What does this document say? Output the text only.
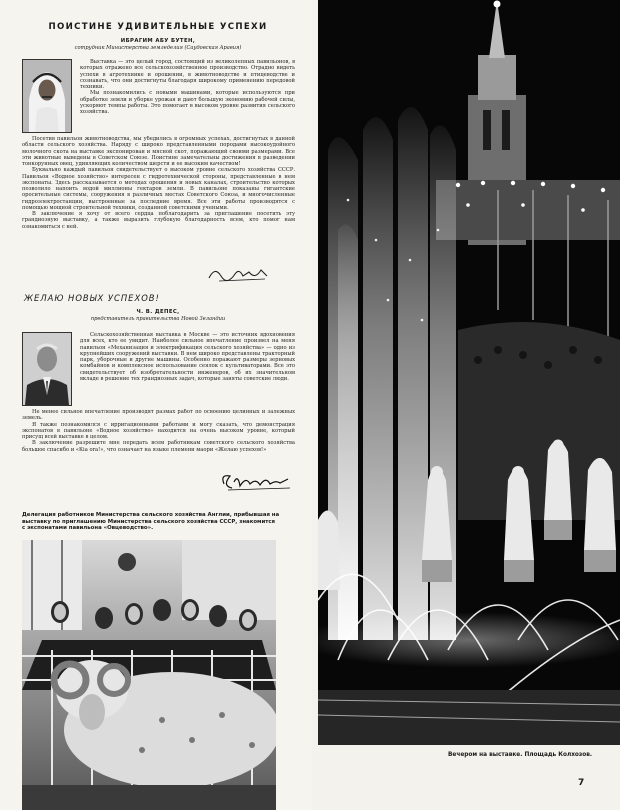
ПОИСТИНЕ УДИВИТЕЛЬНЫЕ УСПЕХИ
ИБРАГИМ АБУ БУТЕН,
сотрудник Министерства земледелия (Саудовская Аравия)

Выставка — это целый город, состоящий из великолепных павильонов, в которых отражено все сельскохозяйственное производство. Отрадно видеть успехи в агротехнике и орошении, в животноводстве и птицеводстве и сознавать, что они достигнуты благодаря широкому применению передовой техники.

Мы познакомились с новыми машинами, которые используются при обработке земли и уборке урожая и дают большую экономию рабочей силы, ускоряют темпы работы. Это помогает в высоком уровне развития сельского хозяйства.

Посетив павильон животноводства, мы убедились в огромных успехах, достигнутых в данной области сельского хозяйства. Наряду с широко представленными породами высокоудойного молочного скота на выставке экспонирован и мясной скот, поражающий своими размерами. Все эти животные выведены в Советском Союзе. Поистине замечательны достижения в разведении тонкорунных овец, удивляющих количеством шерсти и ее высоким качеством!

Буквально каждый павильон свидетельствует о высоком уровне сельского хозяйства СССР. Павильон «Водное хозяйство» интересен с гидротехнической стороны, представленные в нем экспонаты. Здесь рассказывается о методах орошения и новых каналах, строительство которых позволило напоить водой миллионы гектаров земли. В павильоне показаны гигантские оросительные системы, сооружения в различных местах Советского Союза, и многочисленные гидроэлектростанции, выстроенные за последние время. Все эти работы производятся с помощью мощной строительной техники, созданной советскими учеными.

В заключение я хочу от всего сердца поблагодарить за приглашение посетить эту грандиозную выставку, а также выразить глубокую благодарность всем, кто помог нам ознакомиться с ней.

ЖЕЛАЮ НОВЫХ УСПЕХОВ!
Ч. В. ДЕПЕС,
представитель правительства Новой Зеландии

Сельскохозяйственная выставка в Москве — это источник вдохновения для всех, кто ее увидит. Наиболее сильное впечатление произвел на меня павильон «Механизация и электрификация сельского хозяйства» — одно из крупнейших сооружений выставки. В нем широко представлены тракторный парк, уборочные и другие машины. Особенно поражают размеры зерновых комбайнов и комплексное использование сеялок с культиваторами. Все это свидетельствует об изобретательности инженеров, об их значительном вкладе в решение тех грандиозных задач, которые заняты советские люди.

Не менее сильное впечатление производят размах работ по освоению целинных и залежных земель.

Я также познакомился с ирригационными работами и могу сказать, что демонстрация экспонатов в павильоне «Водное хозяйство» находится на очень высоком уровне, который присущ всей выставке в целом.

В заключение разрешите мне передать всем работникам советского сельского хозяйства большое спасибо и «Кia ora!», что означает на языке племени маори «Желаю успехов!»

Делегация работников Министерства сельского хозяйства Англии, прибывшая на выставку по приглашению Министерства сельского хозяйства СССР, знакомится с экспонатами павильона «Овцеводство».
Вечером на выставке. Площадь Колхозов.
7
